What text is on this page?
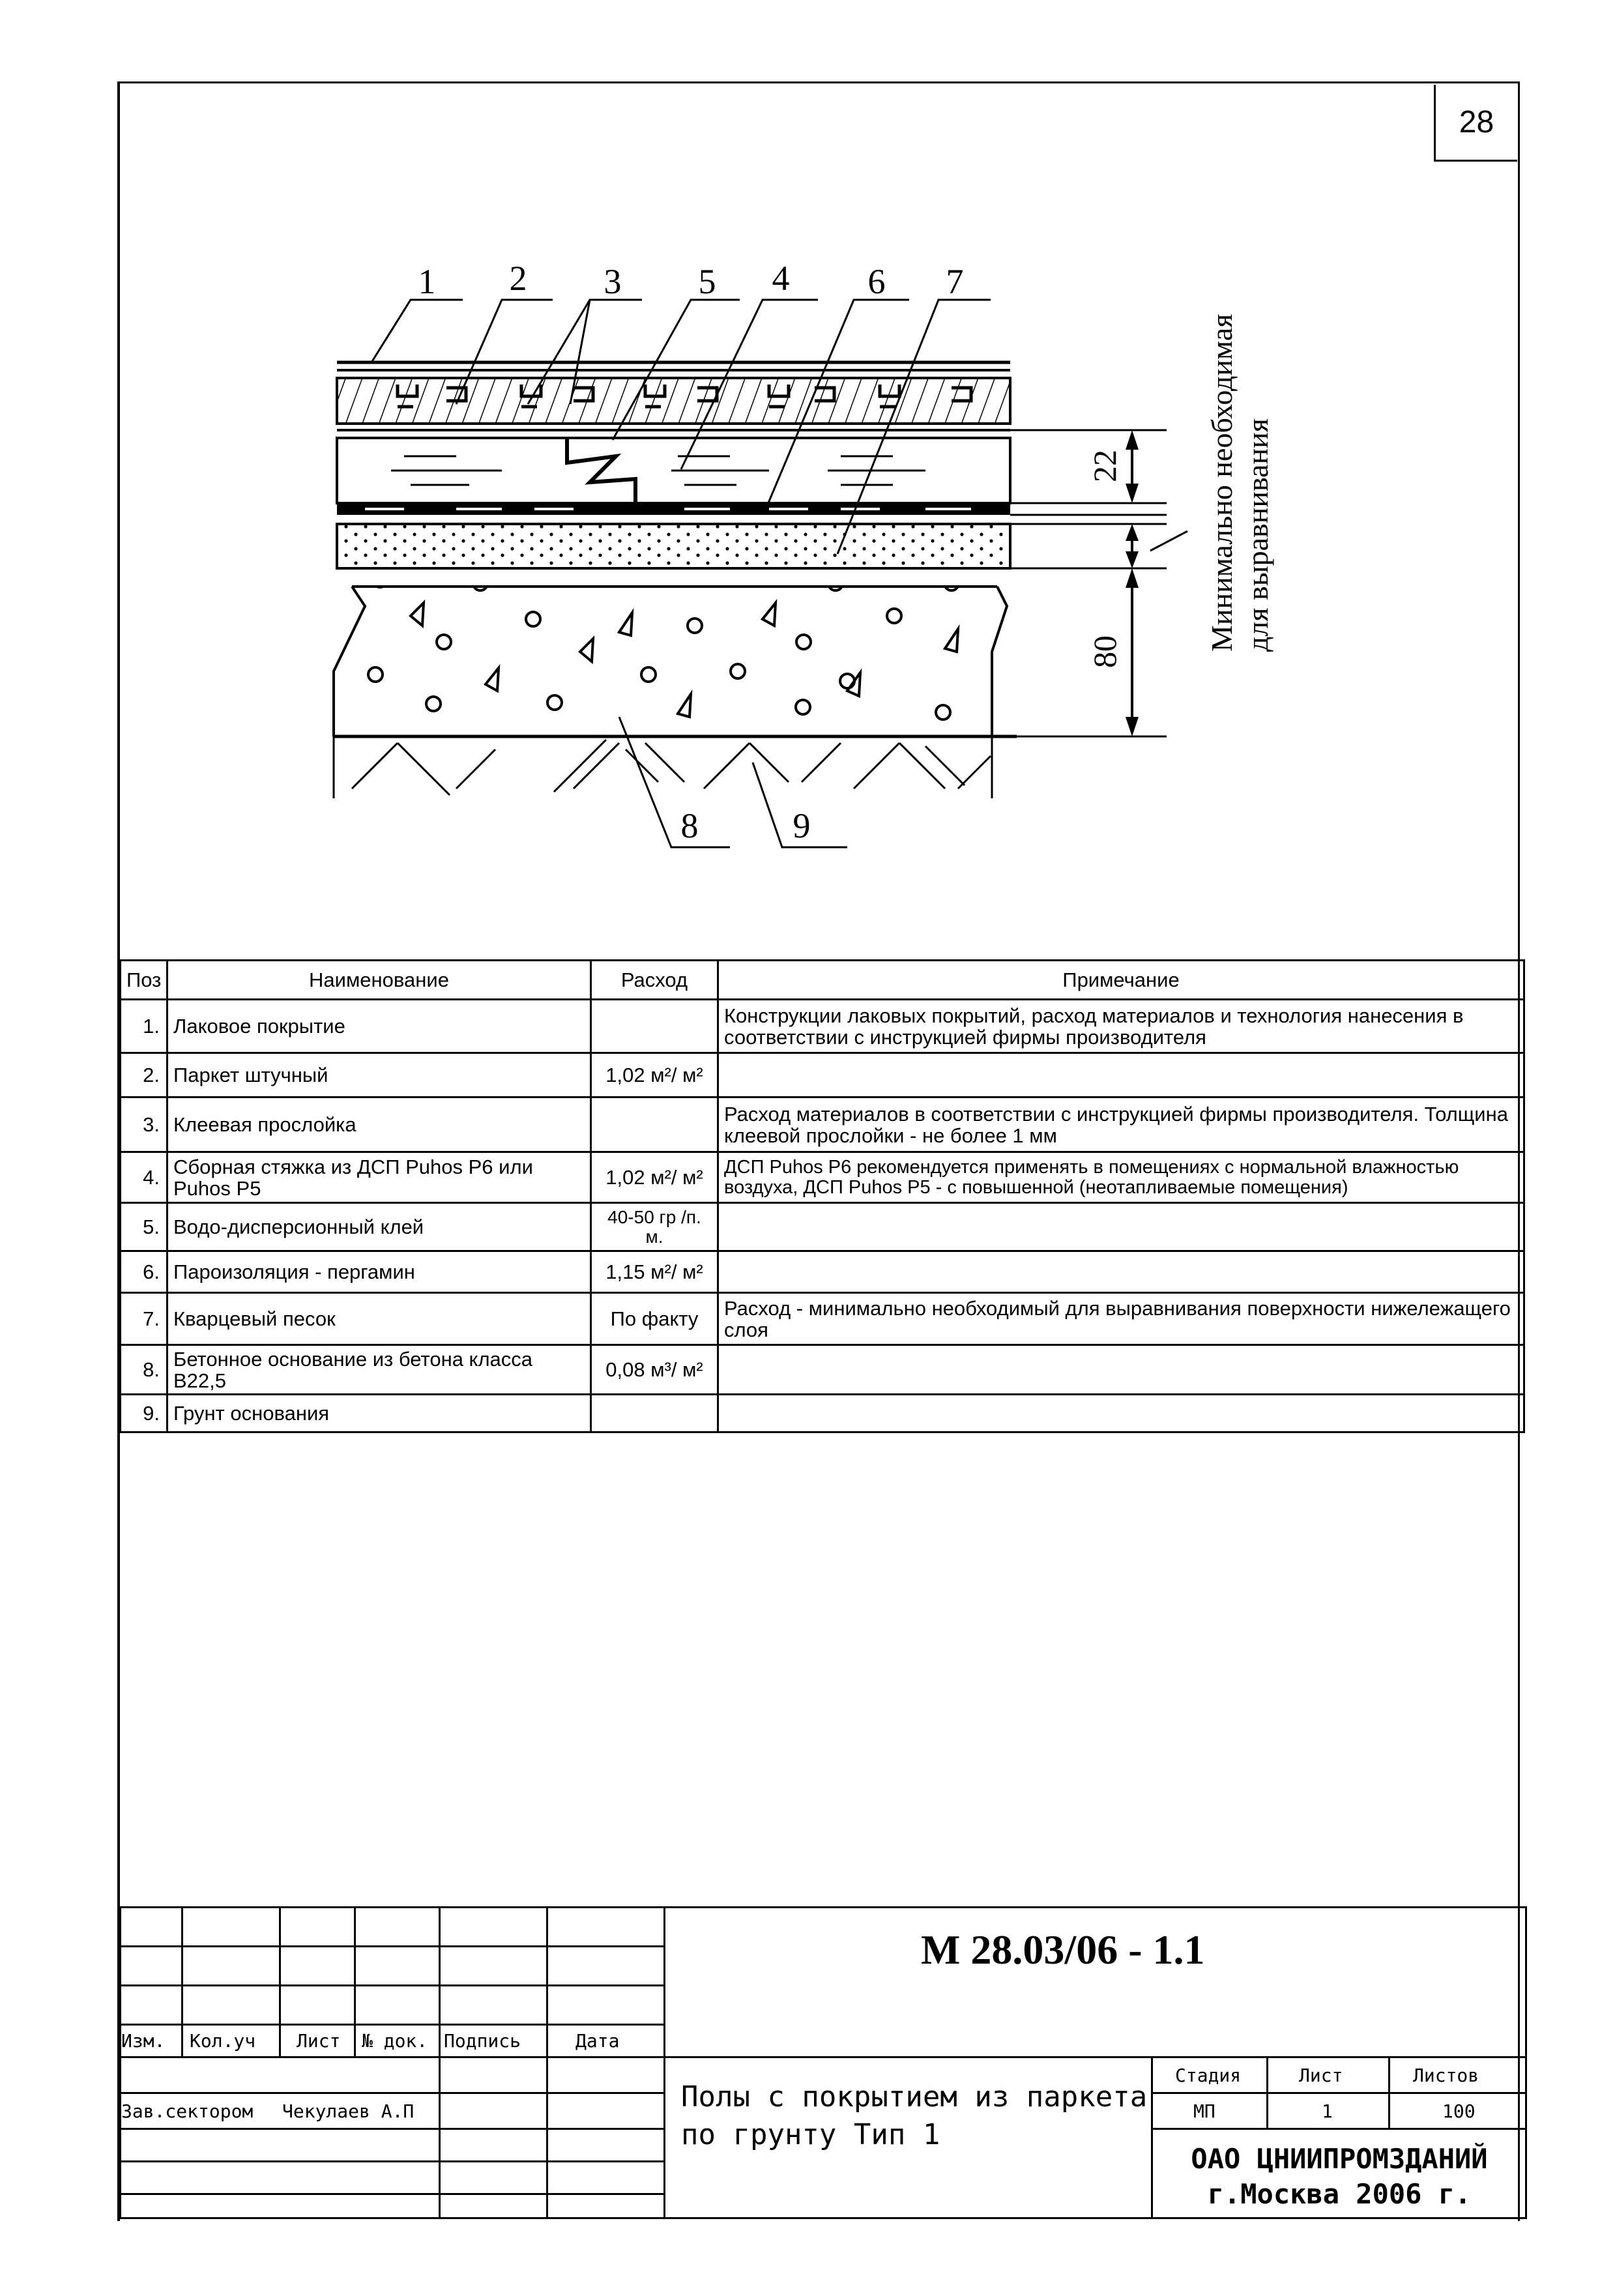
28
1 2 3 5 4 6 7
8	9
22
80	Минимально необходимая для выравнивания
Поз	Наименование	Расход	Примечание
1.	Лаковое покрытие		Конструкции лаковых покрытий, расход материалов и технология нанесения в соответствии с инструкцией фирмы производителя
2.	Паркет штучный	1,02 м²/ м²	
3.	Клеевая прослойка		Расход материалов в соответствии с инструкцией фирмы производителя. Толщина клеевой прослойки - не более 1 мм
4.	Сборная стяжка из ДСП Puhos P6 или Puhos P5	1,02 м²/ м²	ДСП Puhos P6 рекомендуется применять в помещениях с нормальной влажностью воздуха, ДСП Puhos P5 - с повышенной (неотапливаемые помещения)
5.	Водо-дисперсионный клей	40-50 гр /п. м.	
6.	Пароизоляция - пергамин	1,15 м²/ м²	
7.	Кварцевый песок	По факту	Расход - минимально необходимый для выравнивания поверхности нижележащего слоя
8.	Бетонное основание из бетона класса В22,5	0,08 м³/ м²	
9.	Грунт основания		
Изм. Кол.уч Лист № док. Подпись	Дата
Зав.сектором Чекулаев А.П
М 28.03/06 - 1.1
Полы с покрытием из паркета по грунту Тип 1
Стадия	Лист	Листов
МП	1	100
ОАО ЦНИИПРОМЗДАНИЙ
г.Москва 2006 г.
